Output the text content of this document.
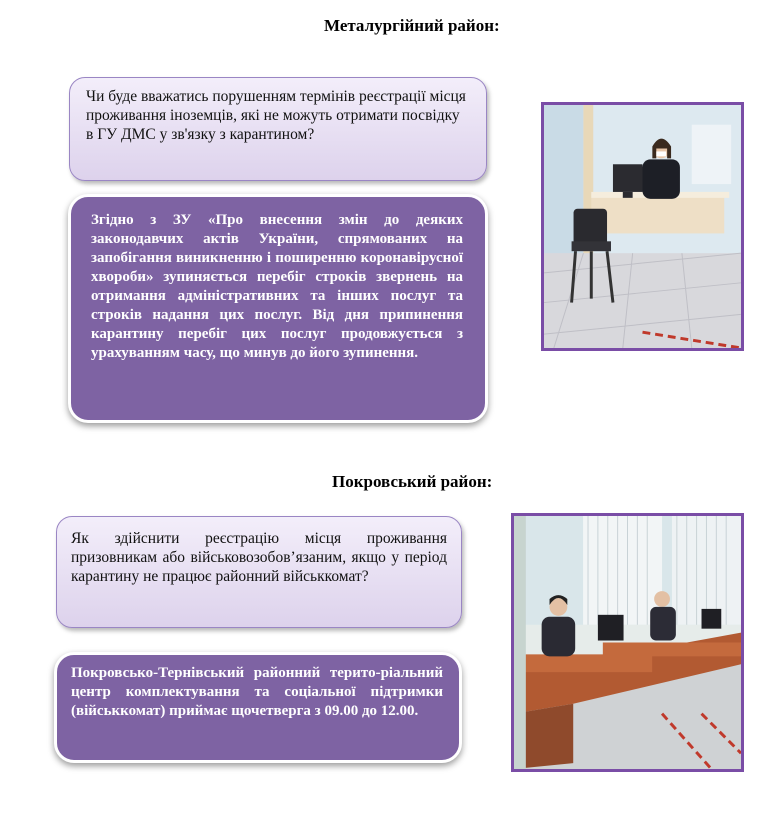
Металургійний район:
Чи буде вважатись порушенням термінів реєстрації місця проживання іноземців, які не можуть отримати посвідку в ГУ ДМС у зв'язку з карантином?
Згідно з ЗУ «Про внесення змін до деяких законодавчих актів України, спрямованих на запобігання виникненню і поширенню коронавірусної хвороби» зупиняється перебіг строків звернень на отримання адміністративних та інших послуг та строків надання цих послуг. Від дня припинення карантину перебіг цих послуг продовжується з урахуванням часу, що минув до його зупинення.
Покровський район:
Як здійснити реєстрацію місця проживання призовникам або військовозобов’язаним, якщо у період карантину не працює районний військкомат?
Покровсько-Тернівський районний терито-ріальний центр комплектування та соціальної підтримки (військкомат) приймає щочетверга з 09.00 до 12.00.
